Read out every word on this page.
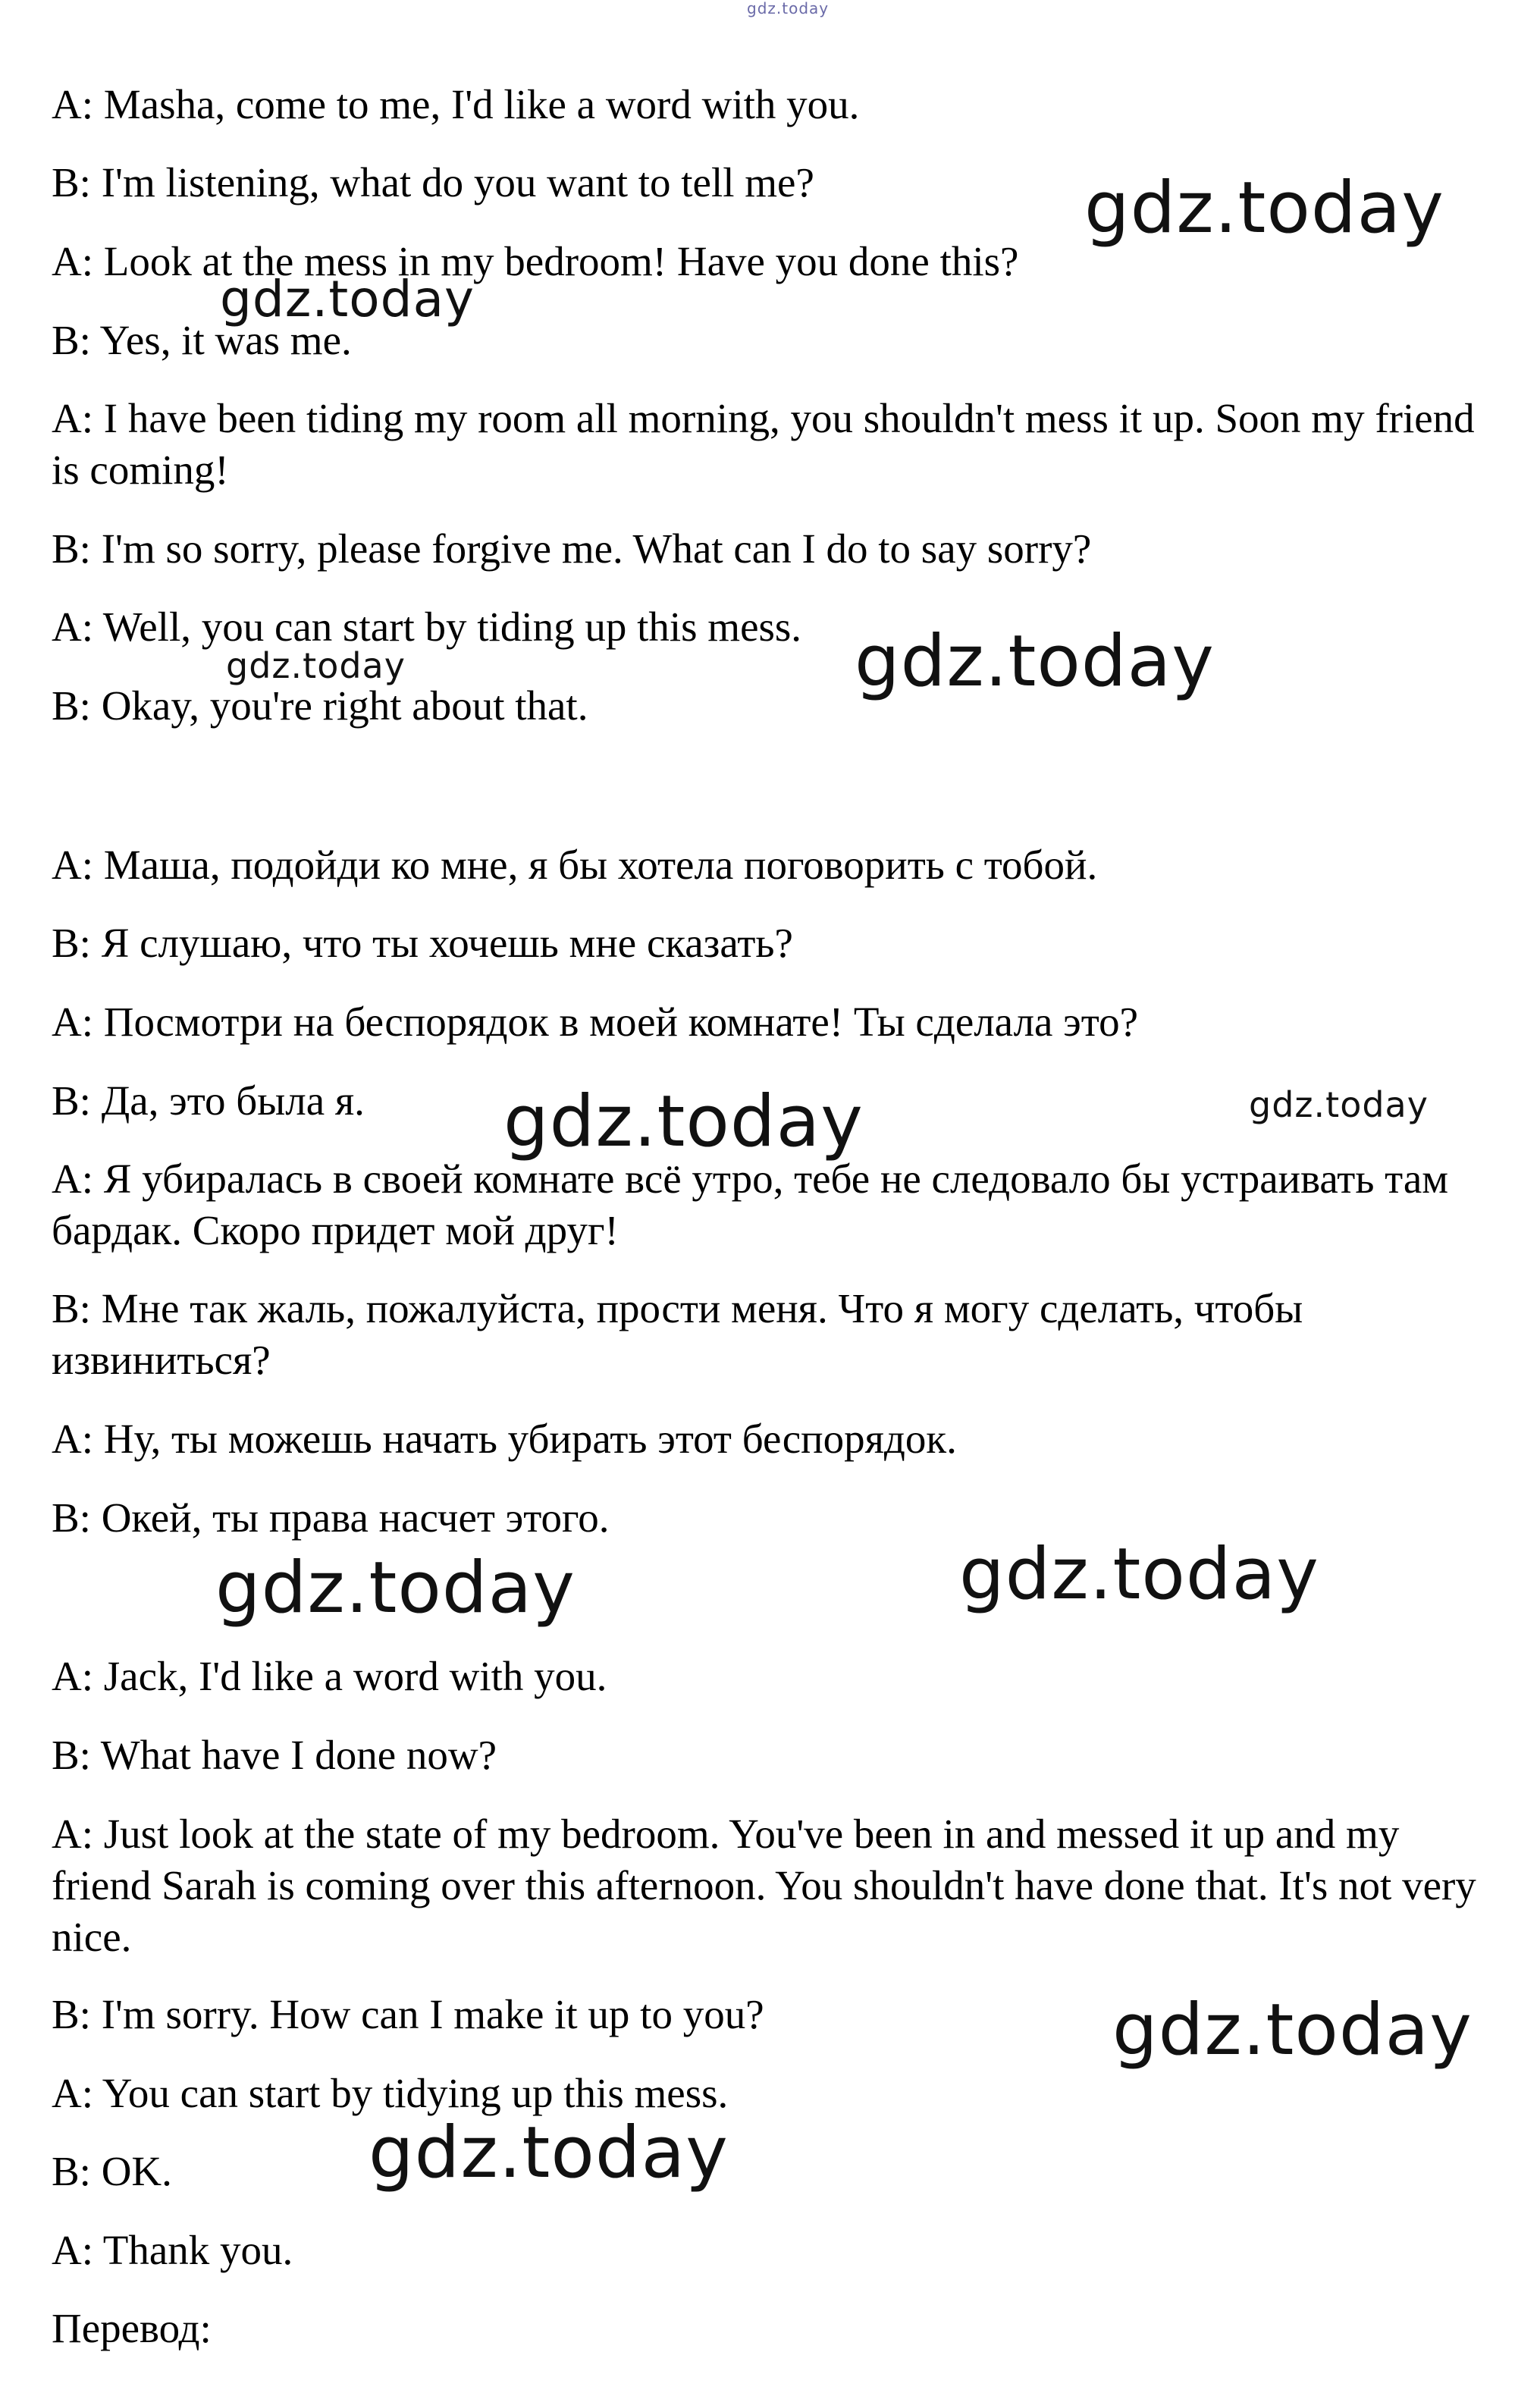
gdz.today
A: Masha, come to me, I'd like a word with you.
B: I'm listening, what do you want to tell me?
A: Look at the mess in my bedroom! Have you done this?
B: Yes, it was me.
A: I have been tiding my room all morning, you shouldn't mess it up. Soon my friend is coming!
B: I'm so sorry, please forgive me. What can I do to say sorry?
A: Well, you can start by tiding up this mess.
B: Okay, you're right about that.
А: Маша, подойди ко мне, я бы хотела поговорить с тобой.
В: Я слушаю, что ты хочешь мне сказать?
А: Посмотри на беспорядок в моей комнате! Ты сделала это?
В: Да, это была я.
А: Я убиралась в своей комнате всё утро, тебе не следовало бы устраивать там бардак. Скоро придет мой друг!
В: Мне так жаль, пожалуйста, прости меня. Что я могу сделать, чтобы извиниться?
А: Ну, ты можешь начать убирать этот беспорядок.
В: Окей, ты права насчет этого.
A: Jack, I'd like a word with you.
B: What have I done now?
A: Just look at the state of my bedroom. You've been in and messed it up and my friend Sarah is coming over this afternoon. You shouldn't have done that. It's not very nice.
B: I'm sorry. How can I make it up to you?
A: You can start by tidying up this mess.
B: OK.
A: Thank you.
Перевод:
gdz.today
gdz.today
gdz.today	gdz.today
gdz.today	gdz.today
gdz.today	gdz.today
gdz.today
gdz.today
